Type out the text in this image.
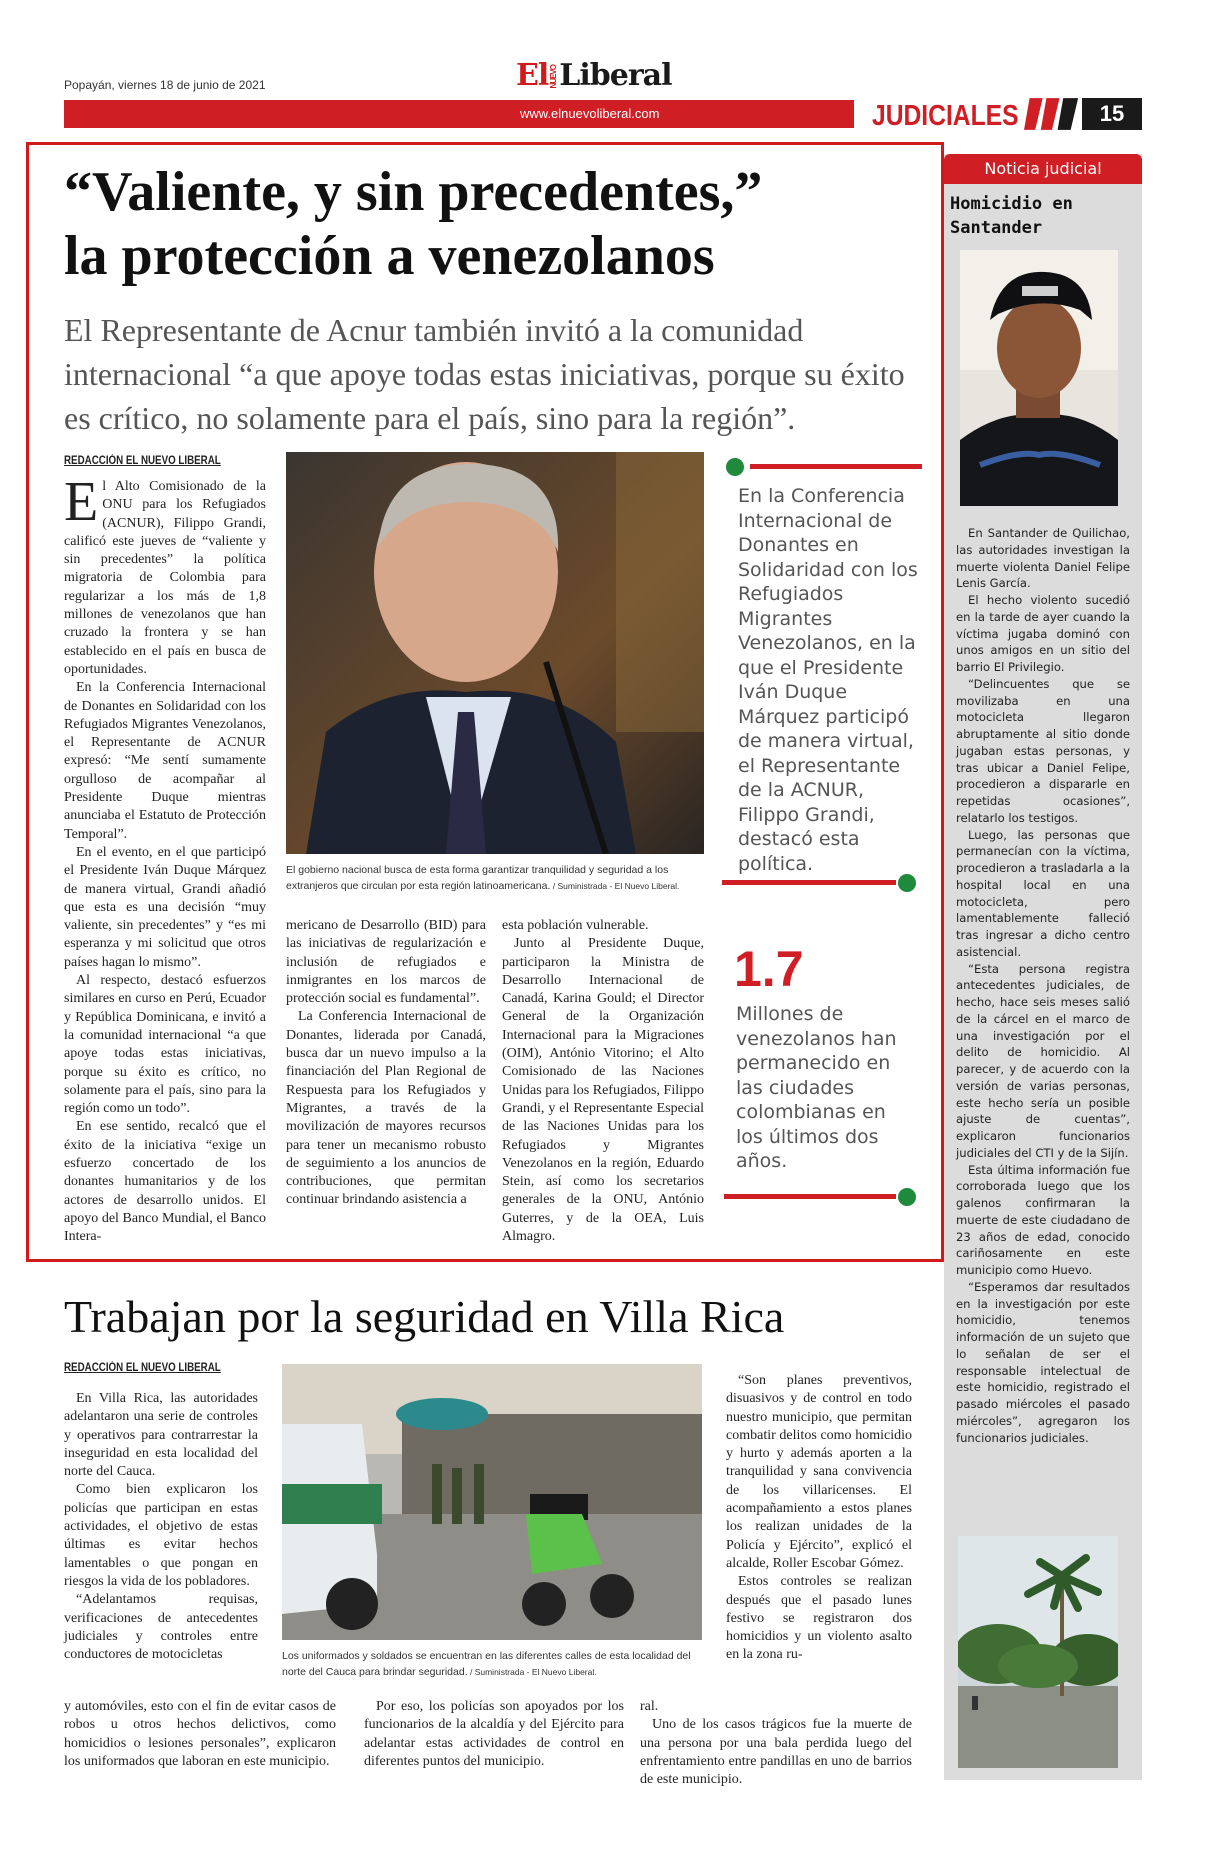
Popayán, viernes 18 de junio de 2021	ElNUEVOLiberal
www.elnuevoliberal.com	JUDICIALES	15
“Valiente, y sin precedentes,”
la protección a venezolanos
El Representante de Acnur también invitó a la comunidad internacional “a que apoye todas estas iniciativas, porque su éxito es crítico, no solamente para el país, sino para la región”.
REDACCIÓN EL NUEVO LIBERAL
E l Alto Comisionado de la ONU para los Refugiados (ACNUR), Filippo Grandi, calificó este jueves de “valiente y sin precedentes” la política migratoria de Colombia para regularizar a los más de 1,8 millones de venezolanos que han cruzado la frontera y se han establecido en el país en busca de oportunidades.

En la Conferencia Internacional de Donantes en Solidaridad con los Refugiados Migrantes Venezolanos, el Representante de ACNUR expresó: “Me sentí sumamente orgulloso de acompañar al Presidente Duque mientras anunciaba el Estatuto de Protección Temporal”.

En el evento, en el que participó el Presidente Iván Duque Márquez de manera virtual, Grandi añadió que esta es una decisión “muy valiente, sin precedentes” y “es mi esperanza y mi solicitud que otros países hagan lo mismo”.

Al respecto, destacó esfuerzos similares en curso en Perú, Ecuador y República Dominicana, e invitó a la comunidad internacional “a que apoye todas estas iniciativas, porque su éxito es crítico, no solamente para el país, sino para la región como un todo”.

En ese sentido, recalcó que el éxito de la iniciativa “exige un esfuerzo concertado de los donantes humanitarios y de los actores de desarrollo unidos. El apoyo del Banco Mundial, el Banco Intera-

El gobierno nacional busca de esta forma garantizar tranquilidad y seguridad a los extranjeros que circulan por esta región latinoamericana. / Suministrada - El Nuevo Liberal.
mericano de Desarrollo (BID) para las iniciativas de regularización e inclusión de refugiados e inmigrantes en los marcos de protección social es fundamental”.

La Conferencia Internacional de Donantes, liderada por Canadá, busca dar un nuevo impulso a la financiación del Plan Regional de Respuesta para los Refugiados y Migrantes, a través de la movilización de mayores recursos para tener un mecanismo robusto de seguimiento a los anuncios de contribuciones, que permitan continuar brindando asistencia a

esta población vulnerable.

Junto al Presidente Duque, participaron la Ministra de Desarrollo Internacional de Canadá, Karina Gould; el Director General de la Organización Internacional para la Migraciones (OIM), António Vitorino; el Alto Comisionado de las Naciones Unidas para los Refugiados, Filippo Grandi, y el Representante Especial de las Naciones Unidas para los Refugiados y Migrantes Venezolanos en la región, Eduardo Stein, así como los secretarios generales de la ONU, António Guterres, y de la OEA, Luis Almagro.

En la Conferencia Internacional de Donantes en Solidaridad con los Refugiados Migrantes Venezolanos, en la que el Presidente Iván Duque Márquez participó de manera virtual, el Representante de la ACNUR, Filippo Grandi, destacó esta política.
1.7
Millones de venezolanos han permanecido en las ciudades colombianas en los últimos dos años.
Noticia judicial
Homicidio en Santander

En Santander de Quilichao, las autoridades investigan la muerte violenta Daniel Felipe Lenis García.

El hecho violento sucedió en la tarde de ayer cuando la víctima jugaba dominó con unos amigos en un sitio del barrio El Privilegio.

“Delincuentes que se movilizaba en una motocicleta llegaron abruptamente al sitio donde jugaban estas personas, y tras ubicar a Daniel Felipe, procedieron a dispararle en repetidas ocasiones”, relatarlo los testigos.

Luego, las personas que permanecían con la víctima, procedieron a trasladarla a la hospital local en una motocicleta, pero lamentablemente falleció tras ingresar a dicho centro asistencial.

“Esta persona registra antecedentes judiciales, de hecho, hace seis meses salió de la cárcel en el marco de una investigación por el delito de homicidio. Al parecer, y de acuerdo con la versión de varias personas, este hecho sería un posible ajuste de cuentas”, explicaron funcionarios judiciales del CTI y de la Sijín.

Esta última información fue corroborada luego que los galenos confirmaran la muerte de este ciudadano de 23 años de edad, conocido cariñosamente en este municipio como Huevo.

“Esperamos dar resultados en la investigación por este homicidio, tenemos información de un sujeto que lo señalan de ser el responsable intelectual de este homicidio, registrado el pasado miércoles el pasado miércoles”, agregaron los funcionarios judiciales.

Trabajan por la seguridad en Villa Rica
REDACCIÓN EL NUEVO LIBERAL

En Villa Rica, las autoridades adelantaron una serie de controles y operativos para contrarrestar la inseguridad en esta localidad del norte del Cauca.

Como bien explicaron los policías que participan en estas actividades, el objetivo de estas últimas es evitar hechos lamentables o que pongan en riesgos la vida de los pobladores.

“Adelantamos requisas, verificaciones de antecedentes judiciales y controles entre conductores de motocicletas	Los uniformados y soldados se encuentran en las diferentes calles de esta localidad del norte del Cauca para brindar seguridad. / Suministrada - El Nuevo Liberal.
y automóviles, esto con el fin de evitar casos de robos u otros hechos delictivos, como homicidios o lesiones personales”, explicaron los uniformados que laboran en este municipio.

Por eso, los policías son apoyados por los funcionarios de la alcaldía y del Ejército para adelantar estas actividades de control en diferentes puntos del municipio.

“Son planes preventivos, disuasivos y de control en todo nuestro municipio, que permitan combatir delitos como homicidio y hurto y además aporten a la tranquilidad y sana convivencia de los villaricenses. El acompañamiento a estos planes los realizan unidades de la Policía y Ejército”, explicó el alcalde, Roller Escobar Gómez.

Estos controles se realizan después que el pasado lunes festivo se registraron dos homicidios y un violento asalto en la zona ru-

ral.

Uno de los casos trágicos fue la muerte de una persona por una bala perdida luego del enfrentamiento entre pandillas en uno de barrios de este municipio.
